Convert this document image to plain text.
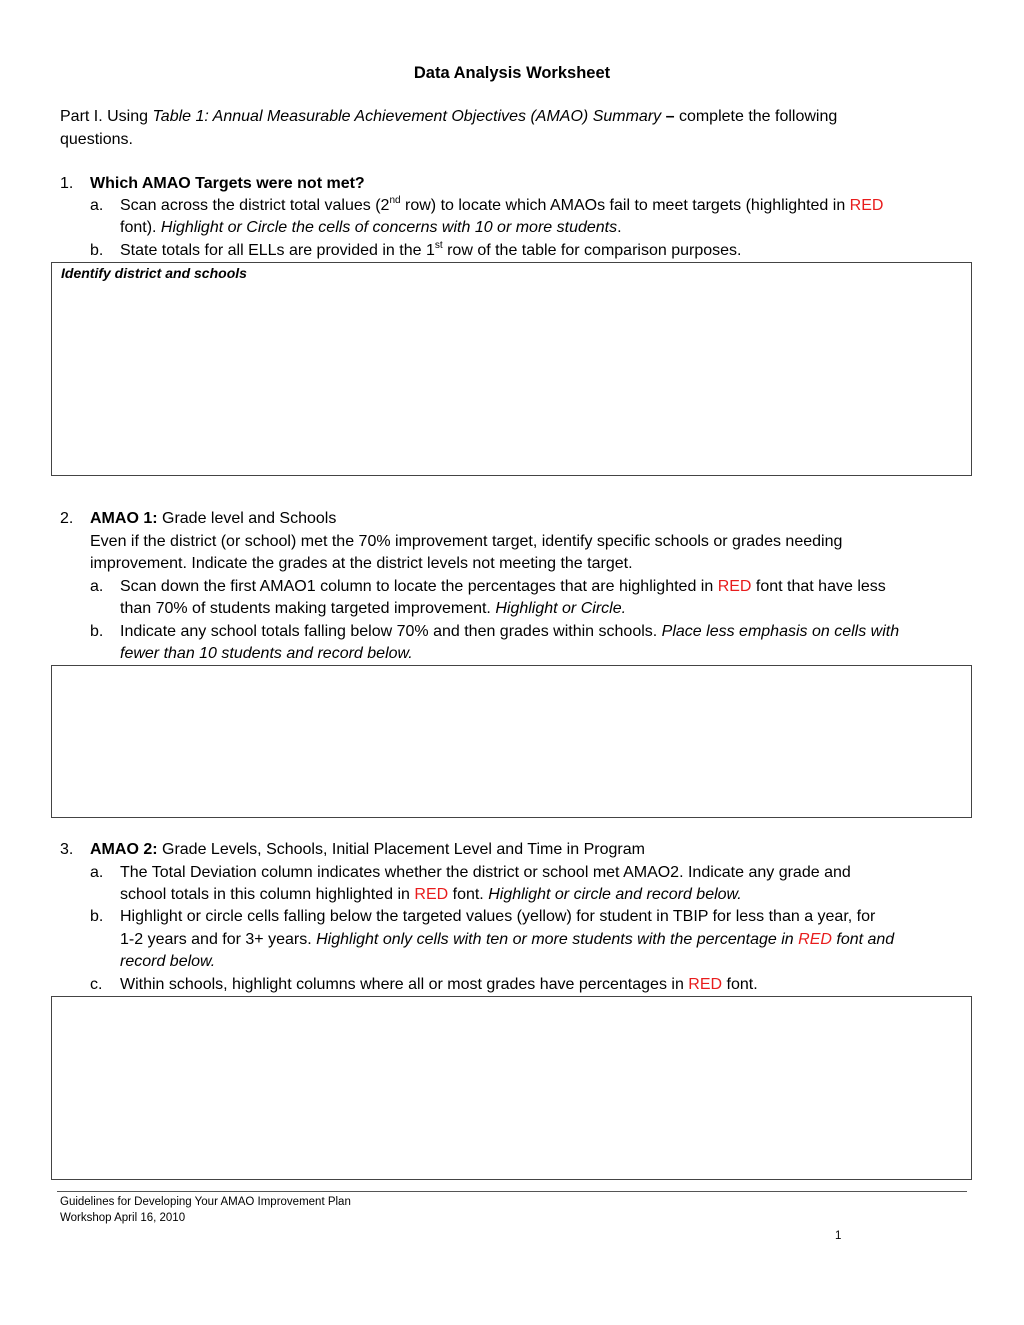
Data Analysis Worksheet
Part I. Using Table 1: Annual Measurable Achievement Objectives (AMAO) Summary – complete the following
questions.
1. Which AMAO Targets were not met?
a. Scan across the district total values (2nd row) to locate which AMAOs fail to meet targets (highlighted in RED
font). Highlight or Circle the cells of concerns with 10 or more students.
b. State totals for all ELLs are provided in the 1st row of the table for comparison purposes.
Identify district and schools
2. AMAO 1: Grade level and Schools
Even if the district (or school) met the 70% improvement target, identify specific schools or grades needing
improvement. Indicate the grades at the district levels not meeting the target.
a. Scan down the first AMAO1 column to locate the percentages that are highlighted in RED font that have less
than 70% of students making targeted improvement. Highlight or Circle.
b. Indicate any school totals falling below 70% and then grades within schools. Place less emphasis on cells with
fewer than 10 students and record below.
3. AMAO 2: Grade Levels, Schools, Initial Placement Level and Time in Program
a. The Total Deviation column indicates whether the district or school met AMAO2. Indicate any grade and
school totals in this column highlighted in RED font. Highlight or circle and record below.
b. Highlight or circle cells falling below the targeted values (yellow) for student in TBIP for less than a year, for
1-2 years and for 3+ years. Highlight only cells with ten or more students with the percentage in RED font and
record below.
c. Within schools, highlight columns where all or most grades have percentages in RED font.
Guidelines for Developing Your AMAO Improvement Plan
Workshop April 16, 2010
1
